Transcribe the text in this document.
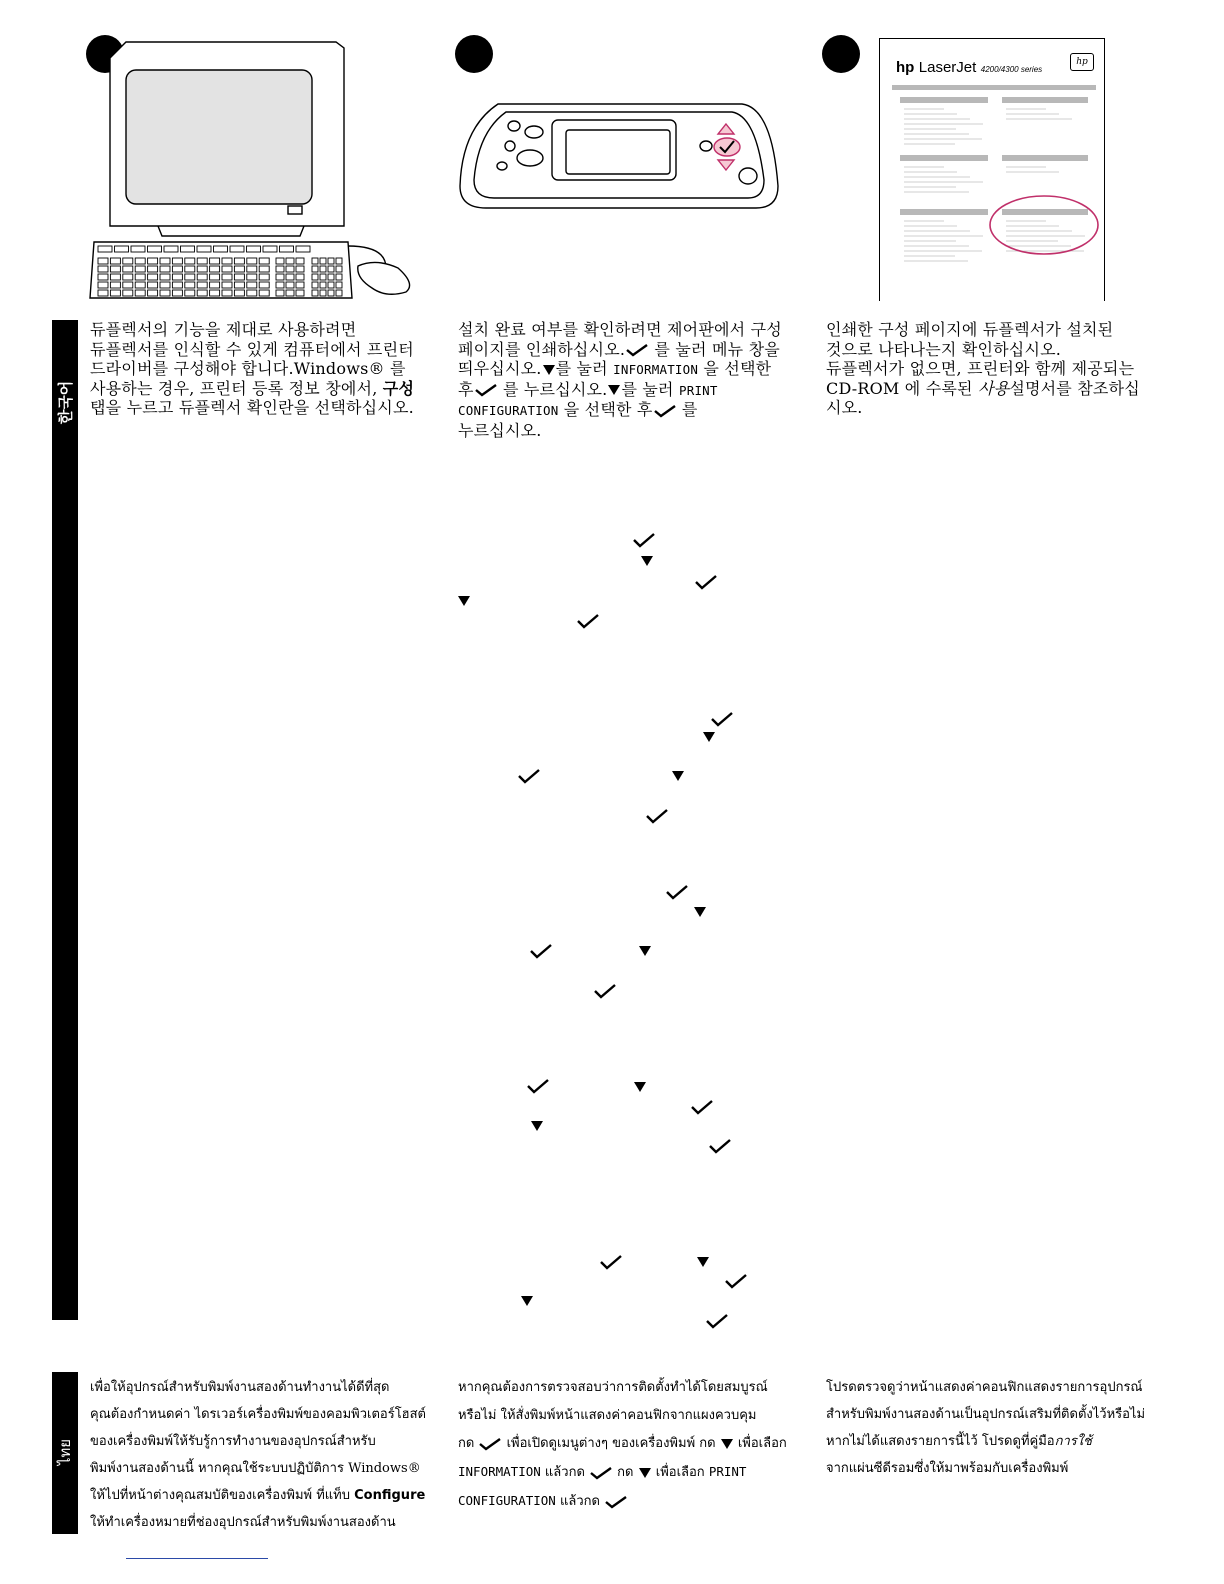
hp LaserJet 4200/4300 series
hp
한국어
듀플렉서의 기능을 제대로 사용하려면
듀플렉서를 인식할 수 있게 컴퓨터에서 프린터
드라이버를 구성해야 합니다.Windows® 를
사용하는 경우, 프린터 등록 정보 창에서, 구성
탭을 누르고 듀플렉서 확인란을 선택하십시오.
설치 완료 여부를 확인하려면 제어판에서 구성
페이지를 인쇄하십시오. 를 눌러 메뉴 창을
띄우십시오. 를 눌러 INFORMATION 을 선택한
후 를 누르십시오. 를 눌러 PRINT
CONFIGURATION 을 선택한 후 를
누르십시오.
인쇄한 구성 페이지에 듀플렉서가 설치된
것으로 나타나는지 확인하십시오.
듀플렉서가 없으면, 프린터와 함께 제공되는
CD-ROM 에 수록된 사용설명서를 참조하십
시오.
ไทย
เพื่อให้อุปกรณ์สำหรับพิมพ์งานสองด้านทำงานได้ดีที่สุด
คุณต้องกำหนดค่า ไดรเวอร์เครื่องพิมพ์ของคอมพิวเตอร์โฮสต์
ของเครื่องพิมพ์ให้รับรู้การทำงานของอุปกรณ์สำหรับ
พิมพ์งานสองด้านนี้ หากคุณใช้ระบบปฏิบัติการ Windows®
ให้ไปที่หน้าต่างคุณสมบัติของเครื่องพิมพ์ ที่แท็บ Configure
ให้ทำเครื่องหมายที่ช่องอุปกรณ์สำหรับพิมพ์งานสองด้าน
หากคุณต้องการตรวจสอบว่าการติดตั้งทำได้โดยสมบูรณ์
หรือไม่ ให้สั่งพิมพ์หน้าแสดงค่าคอนฟิกจากแผงควบคุม
กด  เพื่อเปิดดูเมนูต่างๆ ของเครื่องพิมพ์ กด  เพื่อเลือก
INFORMATION แล้วกด  กด  เพื่อเลือก PRINT
CONFIGURATION แล้วกด
โปรดตรวจดูว่าหน้าแสดงค่าคอนฟิกแสดงรายการอุปกรณ์
สำหรับพิมพ์งานสองด้านเป็นอุปกรณ์เสริมที่ติดตั้งไว้หรือไม่
หากไม่ได้แสดงรายการนี้ไว้ โปรดดูที่คู่มือการใช้
จากแผ่นซีดีรอมซึ่งให้มาพร้อมกับเครื่องพิมพ์
